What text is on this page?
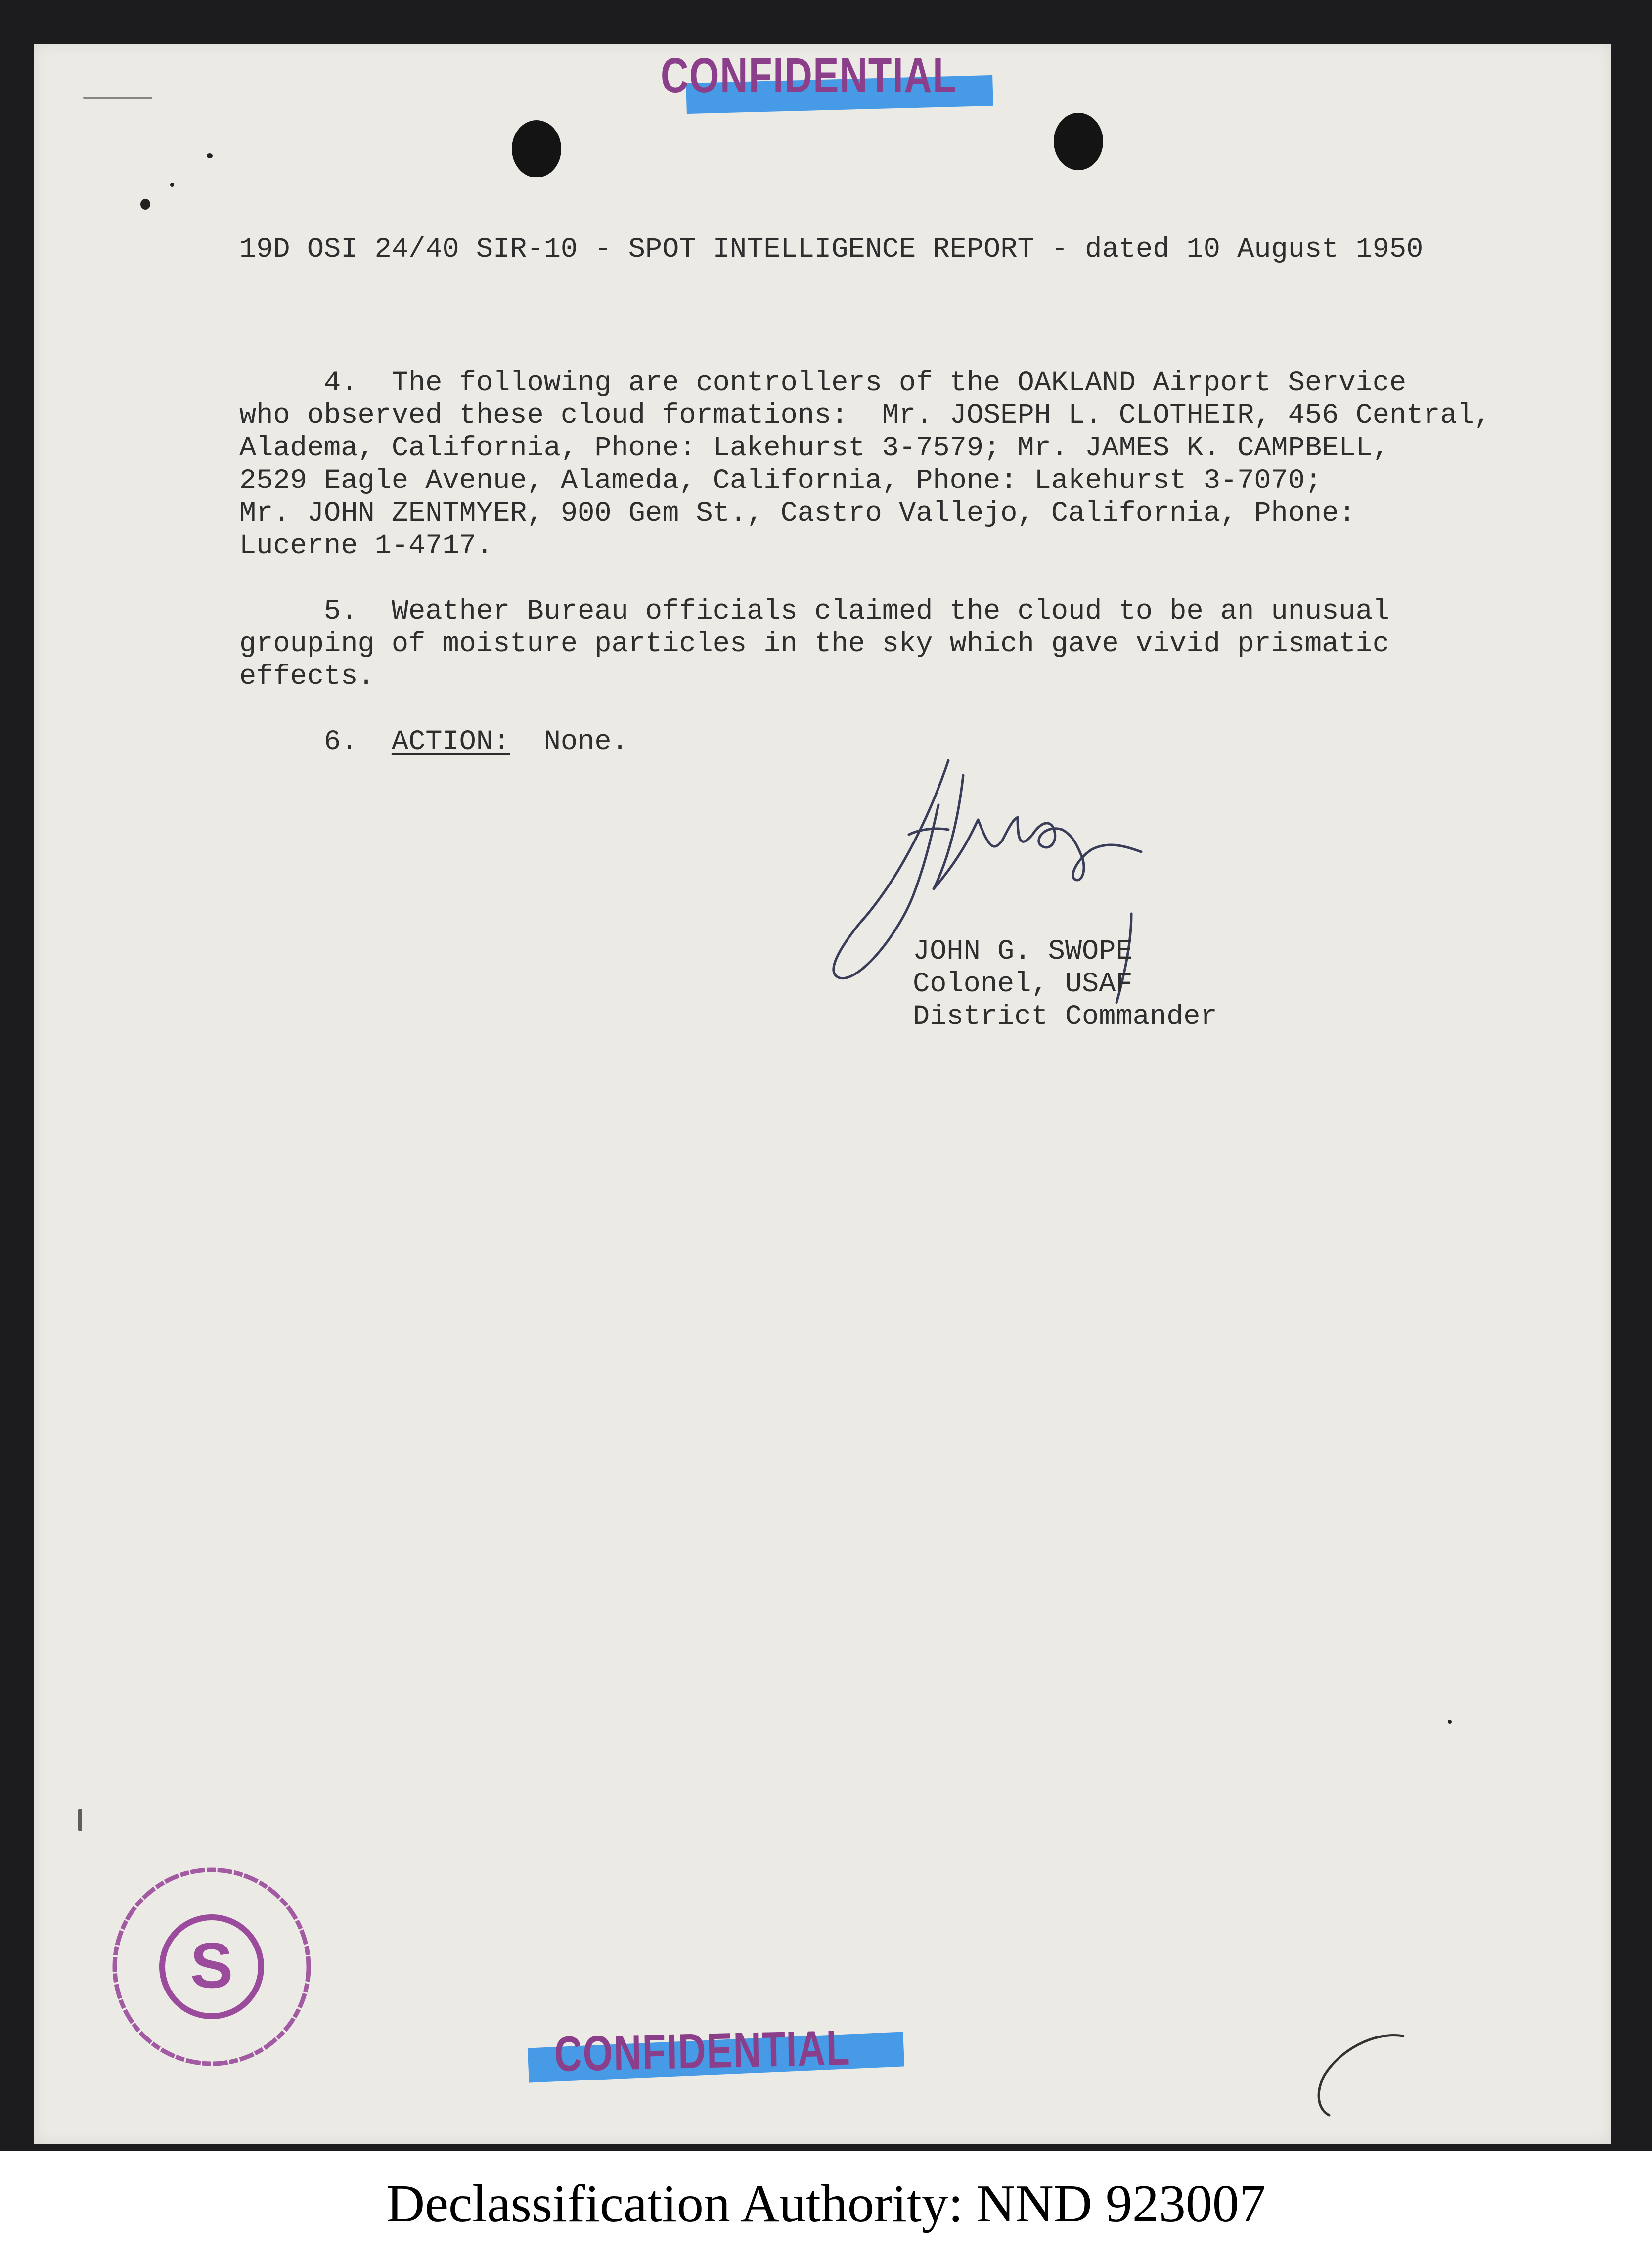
CONFIDENTIAL
19D OSI 24/40 SIR-10 - SPOT INTELLIGENCE REPORT - dated 10 August 1950
4.  The following are controllers of the OAKLAND Airport Service
who observed these cloud formations:  Mr. JOSEPH L. CLOTHEIR, 456 Central,
Aladema, California, Phone: Lakehurst 3-7579; Mr. JAMES K. CAMPBELL,
2529 Eagle Avenue, Alameda, California, Phone: Lakehurst 3-7070;
Mr. JOHN ZENTMYER, 900 Gem St., Castro Vallejo, California, Phone:
Lucerne 1-4717.
5.  Weather Bureau officials claimed the cloud to be an unusual
grouping of moisture particles in the sky which gave vivid prismatic
effects.
6.  ACTION:  None.
JOHN G. SWOPE
Colonel, USAF
District Commander
S
CONFIDENTIAL
Declassification Authority: NND 923007
